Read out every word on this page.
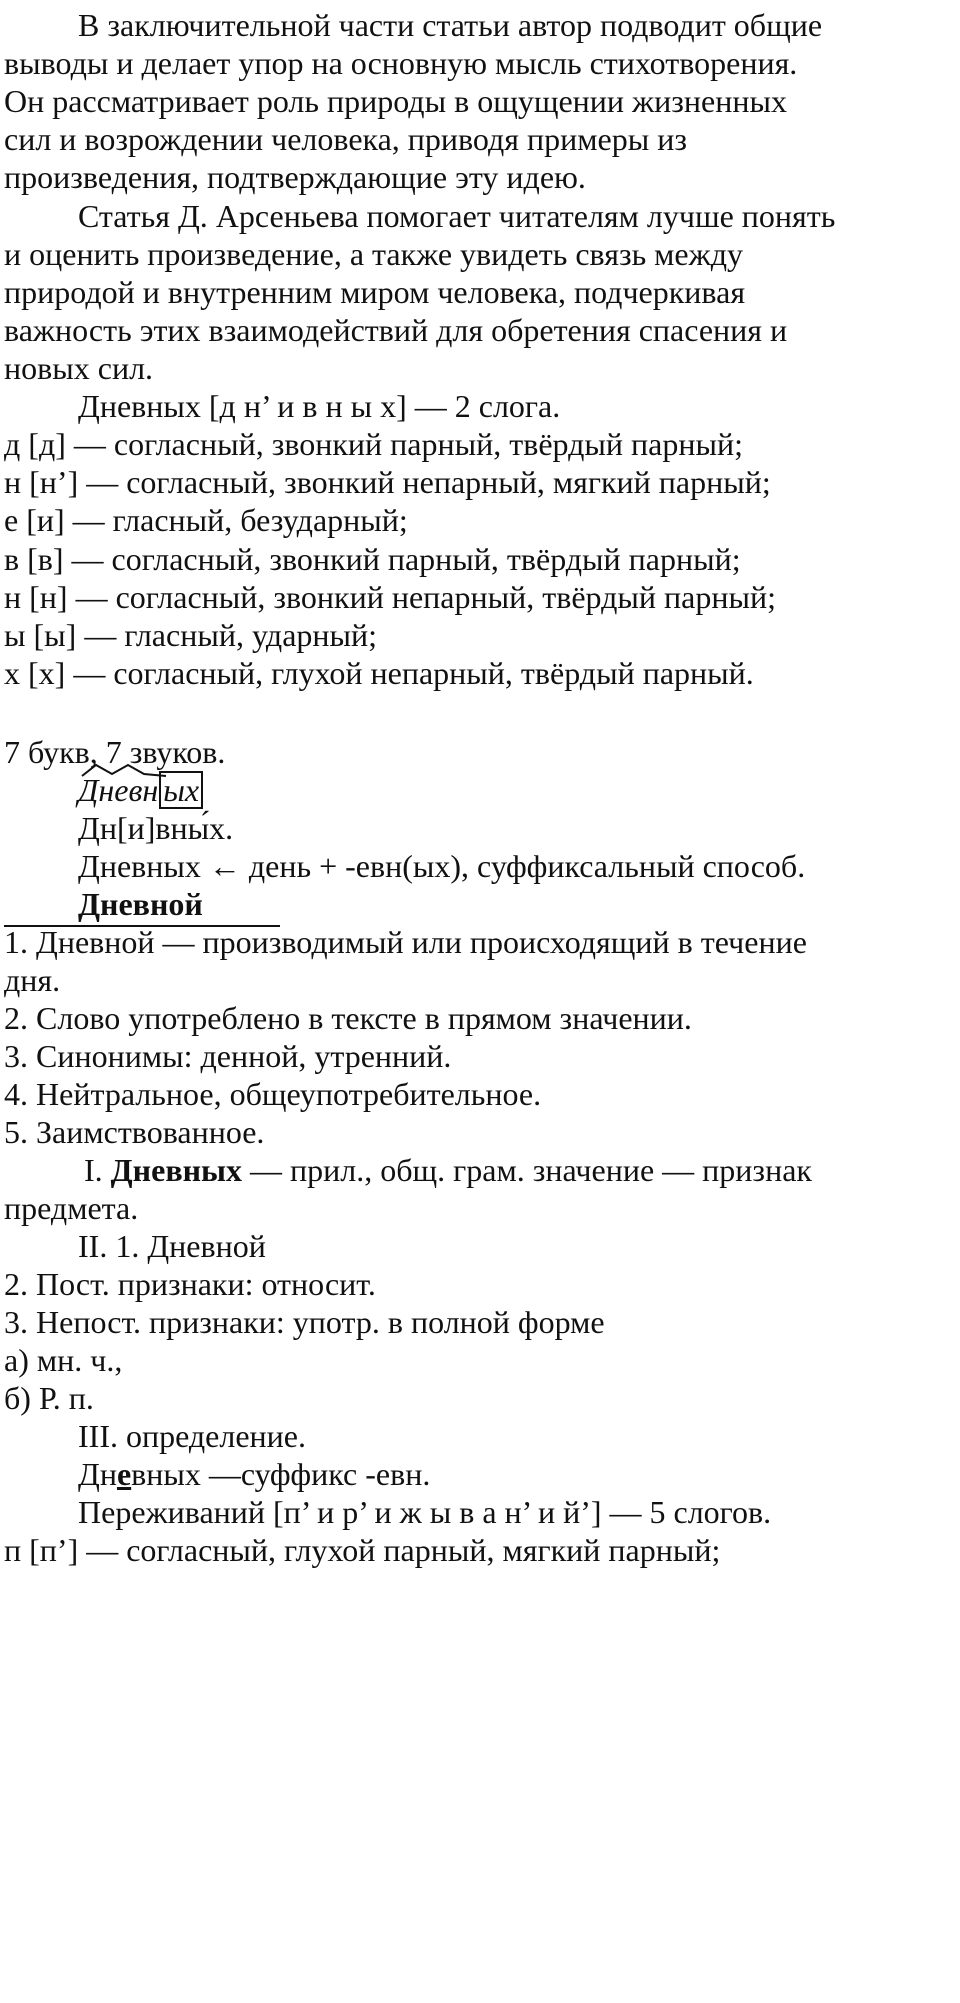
В заключительной части статьи автор подводит общие
выводы и делает упор на основную мысль стихотворения.
Он рассматривает роль природы в ощущении жизненных
сил и возрождении человека, приводя примеры из
произведения, подтверждающие эту идею.
Статья Д. Арсеньева помогает читателям лучше понять
и оценить произведение, а также увидеть связь между
природой и внутренним миром человека, подчеркивая
важность этих взаимодействий для обретения спасения и
новых сил.
Дневных [д н’ и в н ы х] — 2 слога.
д [д] — согласный, звонкий парный, твёрдый парный;
н [н’] — согласный, звонкий непарный, мягкий парный;
е [и] — гласный, безударный;
в [в] — согласный, звонкий парный, твёрдый парный;
н [н] — согласный, звонкий непарный, твёрдый парный;
ы [ы] — гласный, ударный;
х [х] — согласный, глухой непарный, твёрдый парный.
7 букв, 7 звуков.
Дневн ых
Дн[и]вны́х.
Дневных ← день + -евн(ых), суффиксальный способ.
Дневной
1. Дневной — производимый или происходящий в течение
дня.
2. Слово употреблено в тексте в прямом значении.
3. Синонимы: денной, утренний.
4. Нейтральное, общеупотребительное.
5. Заимствованное.
I. Дневных — прил., общ. грам. значение — признак
предмета.
II. 1. Дневной
2. Пост. признаки: относит.
3. Непост. признаки: употр. в полной форме
а) мн. ч.,
б) Р. п.
III. определение.
Дневных —суффикс -евн.
Переживаний [п’ и р’ и ж ы в а н’ и й’] — 5 слогов.
п [п’] — согласный, глухой парный, мягкий парный;
